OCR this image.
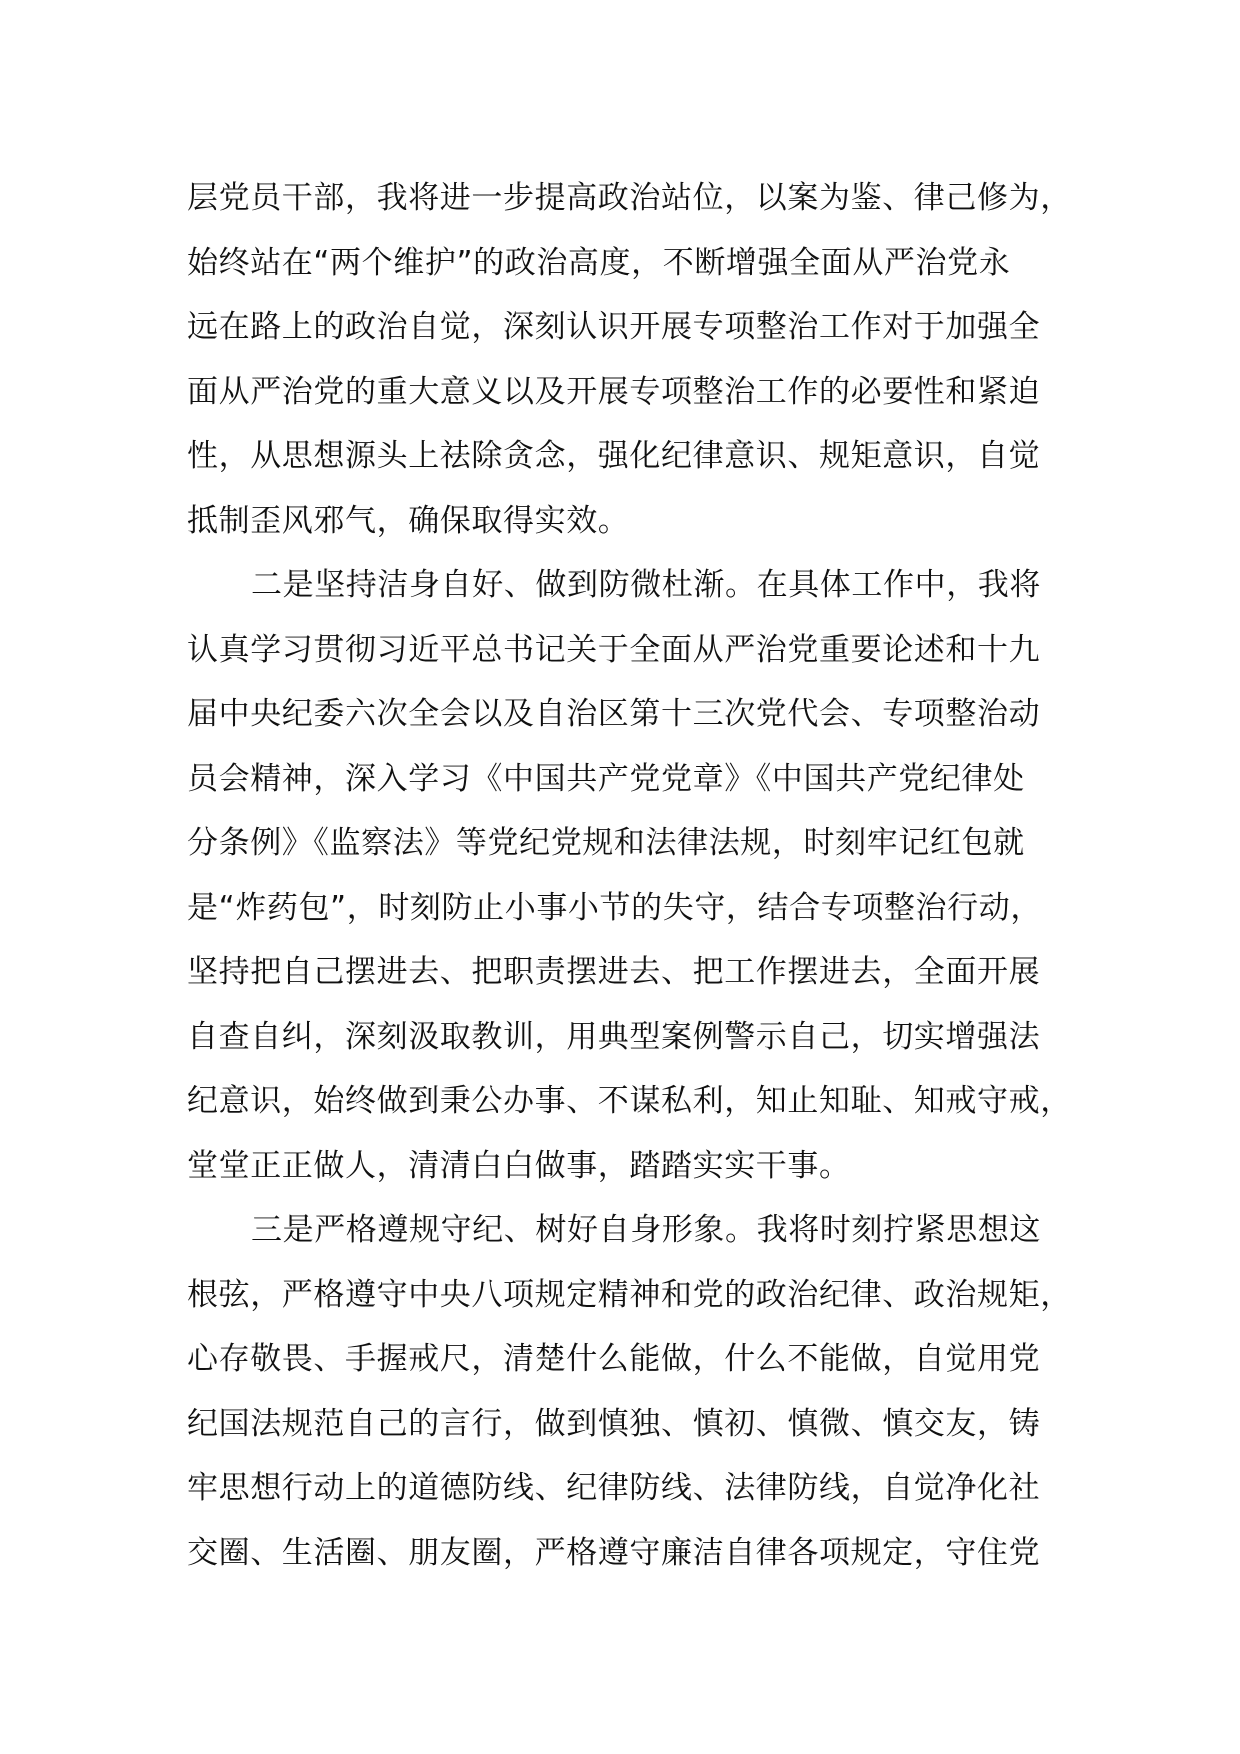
层党员干部，我将进一步提高政治站位，以案为鉴、律己修为，
始终站在“两个维护”的政治高度，不断增强全面从严治党永
远在路上的政治自觉，深刻认识开展专项整治工作对于加强全
面从严治党的重大意义以及开展专项整治工作的必要性和紧迫
性，从思想源头上祛除贪念，强化纪律意识、规矩意识，自觉
抵制歪风邪气，确保取得实效。
二是坚持洁身自好、做到防微杜渐。在具体工作中，我将
认真学习贯彻习近平总书记关于全面从严治党重要论述和十九
届中央纪委六次全会以及自治区第十三次党代会、专项整治动
员会精神，深入学习《中国共产党党章》《中国共产党纪律处
分条例》《监察法》等党纪党规和法律法规，时刻牢记红包就
是“炸药包”，时刻防止小事小节的失守，结合专项整治行动，
坚持把自己摆进去、把职责摆进去、把工作摆进去，全面开展
自查自纠，深刻汲取教训，用典型案例警示自己，切实增强法
纪意识，始终做到秉公办事、不谋私利，知止知耻、知戒守戒，
堂堂正正做人，清清白白做事，踏踏实实干事。
三是严格遵规守纪、树好自身形象。我将时刻拧紧思想这
根弦，严格遵守中央八项规定精神和党的政治纪律、政治规矩，
心存敬畏、手握戒尺，清楚什么能做，什么不能做，自觉用党
纪国法规范自己的言行，做到慎独、慎初、慎微、慎交友，铸
牢思想行动上的道德防线、纪律防线、法律防线，自觉净化社
交圈、生活圈、朋友圈，严格遵守廉洁自律各项规定，守住党
